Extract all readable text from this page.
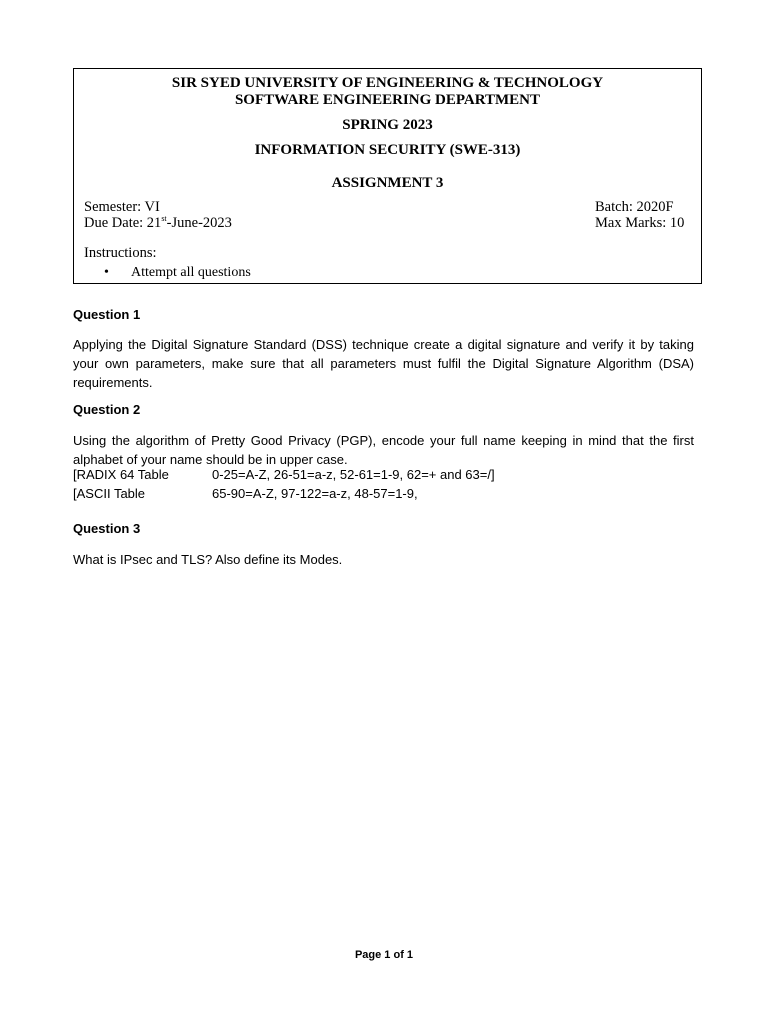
SIR SYED UNIVERSITY OF ENGINEERING & TECHNOLOGY
SOFTWARE ENGINEERING DEPARTMENT
SPRING 2023
INFORMATION SECURITY (SWE-313)
ASSIGNMENT 3
Semester: VI	Batch: 2020F
Due Date: 21st-June-2023	Max Marks: 10
Instructions:
• Attempt all questions
Question 1

Applying the Digital Signature Standard (DSS) technique create a digital signature and verify it by taking your own parameters, make sure that all parameters must fulfil the Digital Signature Algorithm (DSA) requirements.

Question 2

Using the algorithm of Pretty Good Privacy (PGP), encode your full name keeping in mind that the first alphabet of your name should be in upper case.

[RADIX 64 Table	0-25=A-Z, 26-51=a-z, 52-61=1-9, 62=+ and 63=/]
[ASCII Table	65-90=A-Z, 97-122=a-z, 48-57=1-9,
Question 3

What is IPsec and TLS? Also define its Modes.

Page 1 of 1
